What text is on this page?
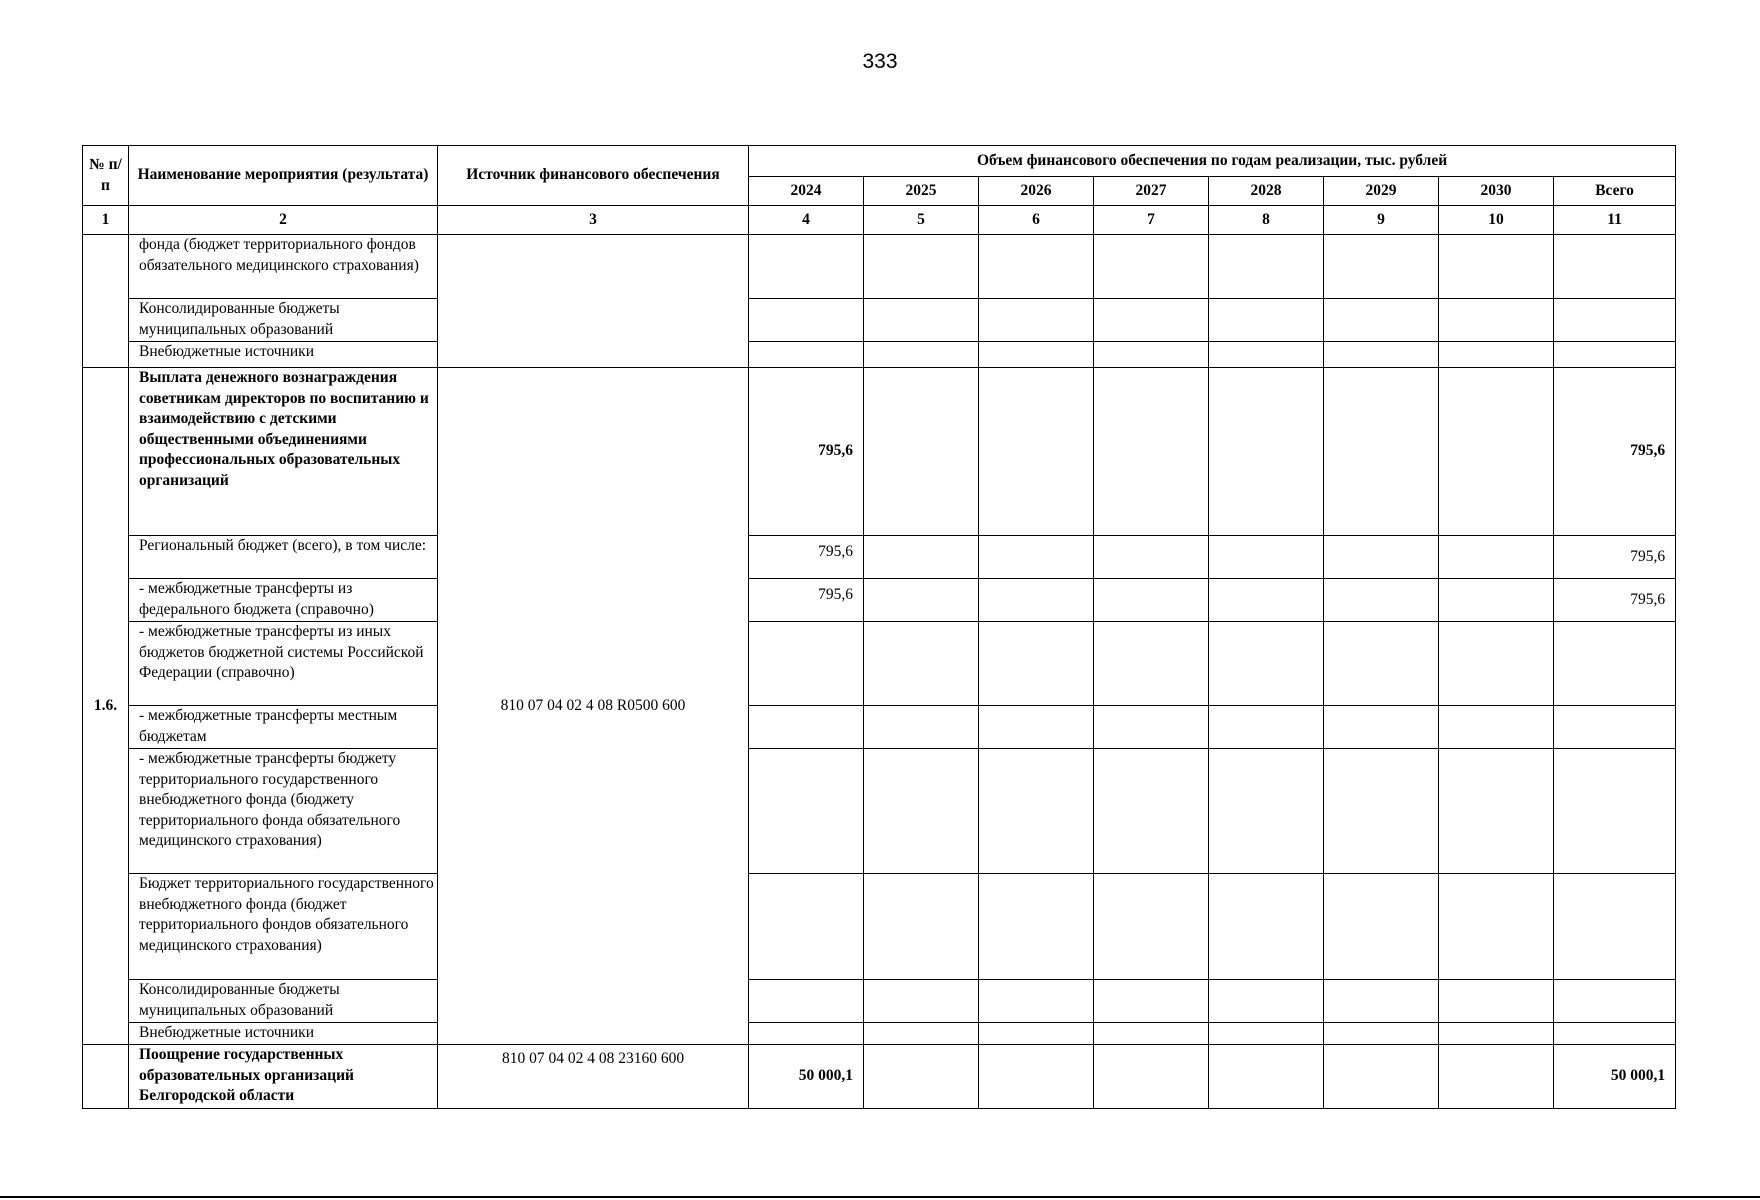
333
№ п/п	Наименование мероприятия (результата)	Источник финансового обеспечения	Объем финансового обеспечения по годам реализации, тыс. рублей							
			2024	2025	2026	2027	2028	2029	2030	Всего
1	2	3	4	5	6	7	8	9	10	11
	фонда (бюджет территориального фондов обязательного медицинского страхования)									
	Консолидированные бюджеты муниципальных образований									
	Внебюджетные источники									
1.6.	Выплата денежного вознаграждения советникам директоров по воспитанию и взаимодействию с детскими общественными объединениями профессиональных образовательных организаций	810 07 04 02 4 08 R0500 600	795,6							795,6
	Региональный бюджет (всего), в том числе:		795,6							795,6
	- межбюджетные трансферты из федерального бюджета (справочно)		795,6							795,6
	- межбюджетные трансферты из иных бюджетов бюджетной системы Российской Федерации (справочно)									
	- межбюджетные трансферты местным бюджетам									
	- межбюджетные трансферты бюджету территориального государственного внебюджетного фонда (бюджету территориального фонда обязательного медицинского страхования)									
	Бюджет территориального государственного внебюджетного фонда (бюджет территориального фондов обязательного медицинского страхования)									
	Консолидированные бюджеты муниципальных образований									
	Внебюджетные источники									
	Поощрение государственных образовательных организаций Белгородской области	810 07 04 02 4 08 23160 600	50 000,1							50 000,1
